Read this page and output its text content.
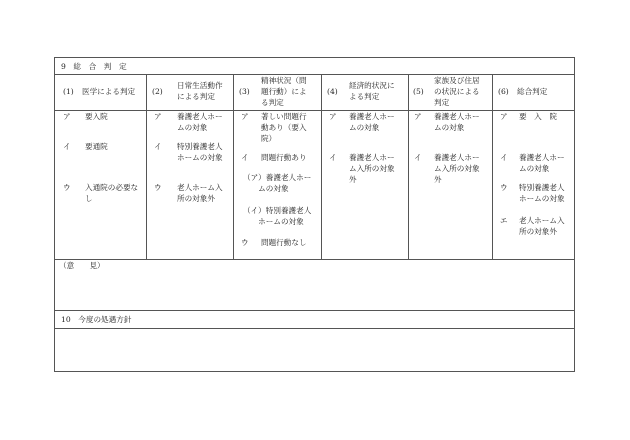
9　総　合　判　定
(1) 医学による判定
ア 要入院
イ 要通院
ウ 入通院の必要な
し
(2)
日常生活動作
による判定
ア 養護老人ホー
ムの対象
イ 特別養護老人
ホームの対象
ウ 老人ホーム入
所の対象外
(3)
精神状況（問
題行動）によ
る判定
ア 著しい問題行
動あり（要入
院）
イ 問題行動あり
（ア）養護老人ホー
　　ムの対象
（イ）特別養護老人
　　ホームの対象
ウ 問題行動なし
(4)
経済的状況に
よる判定
ア 養護老人ホー
ムの対象
イ 養護老人ホー
ム入所の対象
外
(5)
家族及び住居
の状況による
判定
ア 養護老人ホー
ムの対象
イ 養護老人ホー
ム入所の対象
外
(6) 総合判定
ア 要　入　院
イ 養護老人ホー
ムの対象
ウ 特別養護老人
ホームの対象
エ 老人ホーム入
所の対象外
（意　　見）
10　今度の処遇方針
